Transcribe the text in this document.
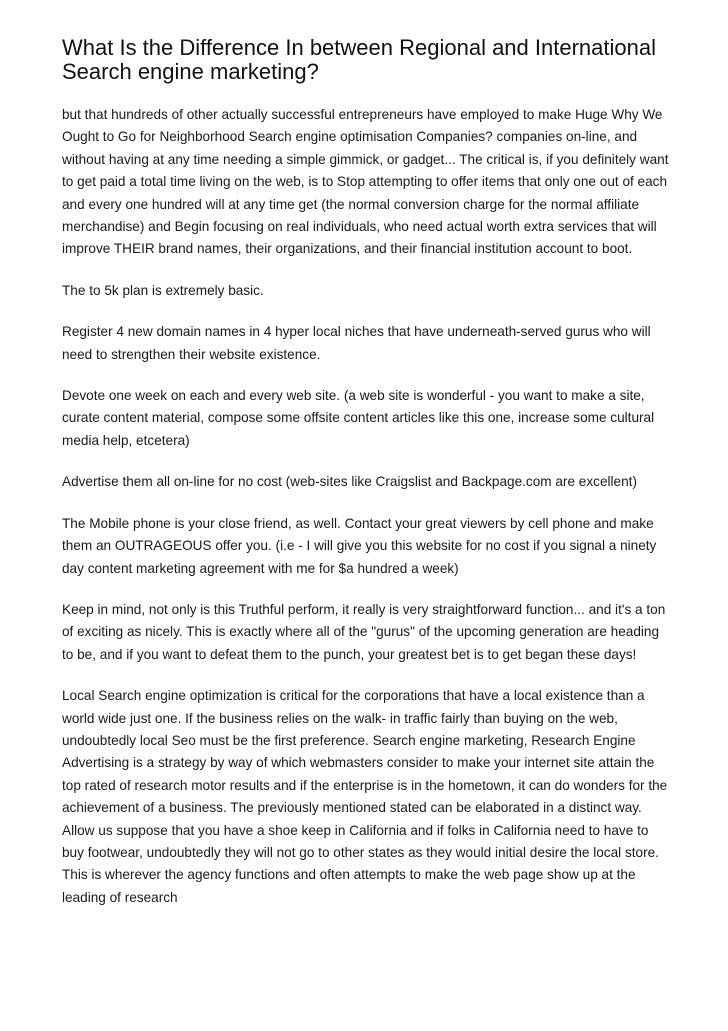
What Is the Difference In between Regional and International Search engine marketing?

but that hundreds of other actually successful entrepreneurs have employed to make Huge Why We Ought to Go for Neighborhood Search engine optimisation Companies? companies on-line, and without having at any time needing a simple gimmick, or gadget... The critical is, if you definitely want to get paid a total time living on the web, is to Stop attempting to offer items that only one out of each and every one hundred will at any time get (the normal conversion charge for the normal affiliate merchandise) and Begin focusing on real individuals, who need actual worth extra services that will improve THEIR brand names, their organizations, and their financial institution account to boot.

The to 5k plan is extremely basic.

Register 4 new domain names in 4 hyper local niches that have underneath-served gurus who will need to strengthen their website existence.

Devote one week on each and every web site. (a web site is wonderful - you want to make a site, curate content material, compose some offsite content articles like this one, increase some cultural media help, etcetera)

Advertise them all on-line for no cost (web-sites like Craigslist and Backpage.com are excellent)

The Mobile phone is your close friend, as well. Contact your great viewers by cell phone and make them an OUTRAGEOUS offer you. (i.e - I will give you this website for no cost if you signal a ninety day content marketing agreement with me for $a hundred a week)

Keep in mind, not only is this Truthful perform, it really is very straightforward function... and it's a ton of exciting as nicely. This is exactly where all of the "gurus" of the upcoming generation are heading to be, and if you want to defeat them to the punch, your greatest bet is to get began these days!

Local Search engine optimization is critical for the corporations that have a local existence than a world wide just one. If the business relies on the walk- in traffic fairly than buying on the web, undoubtedly local Seo must be the first preference. Search engine marketing, Research Engine Advertising is a strategy by way of which webmasters consider to make your internet site attain the top rated of research motor results and if the enterprise is in the hometown, it can do wonders for the achievement of a business. The previously mentioned stated can be elaborated in a distinct way. Allow us suppose that you have a shoe keep in California and if folks in California need to have to buy footwear, undoubtedly they will not go to other states as they would initial desire the local store. This is wherever the agency functions and often attempts to make the web page show up at the leading of research
